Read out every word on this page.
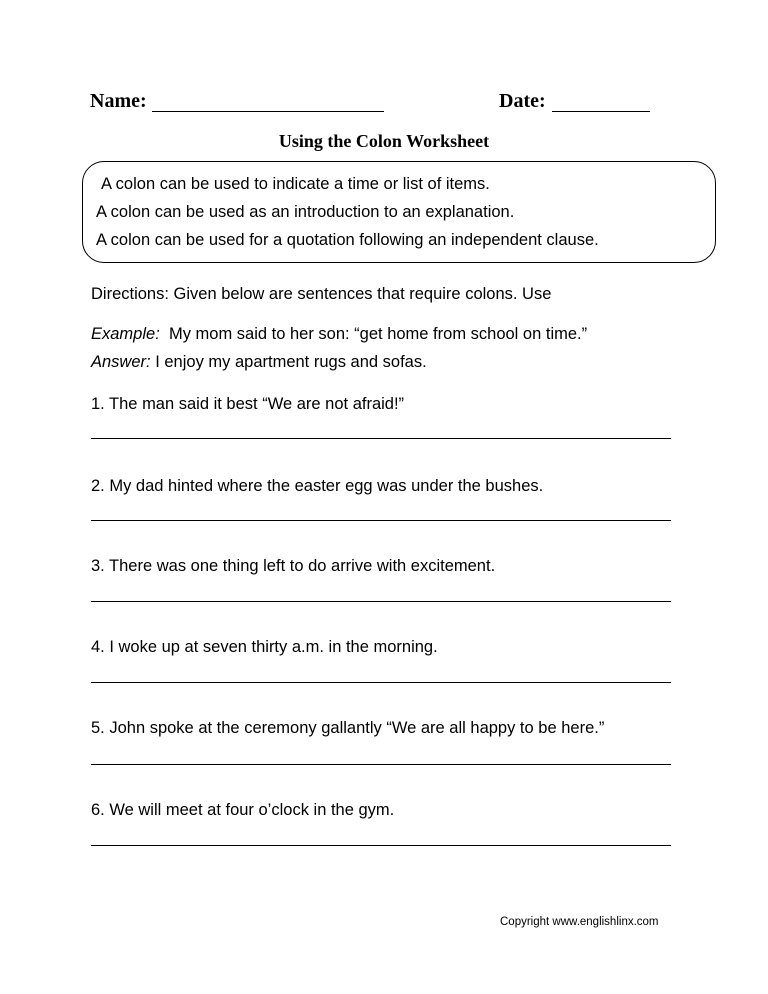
Name:	Date:
Using the Colon Worksheet
A colon can be used to indicate a time or list of items.
A colon can be used as an introduction to an explanation.
A colon can be used for a quotation following an independent clause.
Directions: Given below are sentences that require colons. Use
Example: My mom said to her son: “get home from school on time.”
Answer: I enjoy my apartment rugs and sofas.
1. The man said it best “We are not afraid!”
2. My dad hinted where the easter egg was under the bushes.
3. There was one thing left to do arrive with excitement.
4. I woke up at seven thirty a.m. in the morning.
5. John spoke at the ceremony gallantly “We are all happy to be here.”
6. We will meet at four o’clock in the gym.
Copyright www.englishlinx.com
